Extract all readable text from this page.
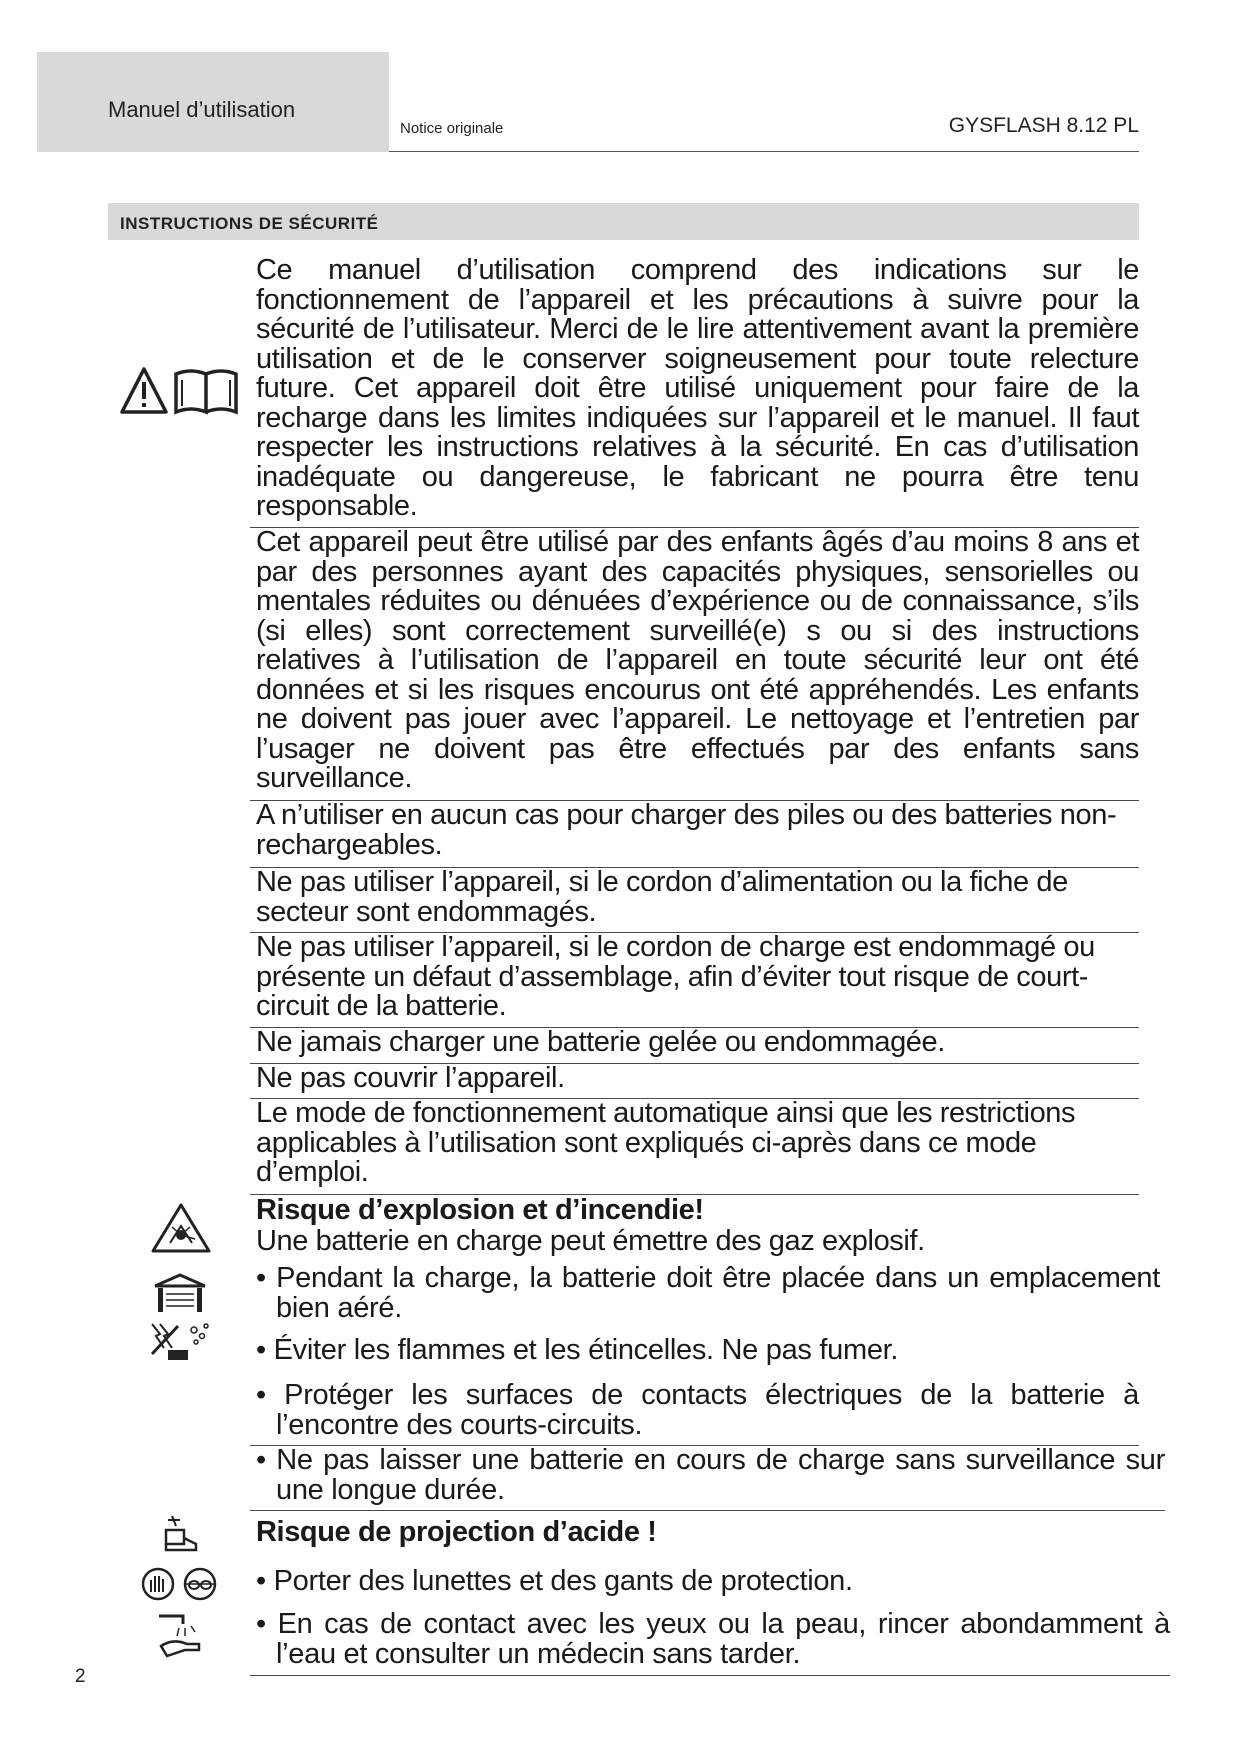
Manuel d’utilisation
Notice originale	GYSFLASH 8.12 PL
INSTRUCTIONS DE SÉCURITÉ

Ce manuel d’utilisation comprend des indications sur le fonctionnement de l’appareil et les précautions à suivre pour la sécurité de l’utilisateur. Merci de le lire attentivement avant la première utilisation et de le conserver soigneusement pour toute relecture future. Cet appareil doit être utilisé uniquement pour faire de la recharge dans les limites indiquées sur l’appareil et le manuel. Il faut respecter les instructions relatives à la sécurité. En cas d’utilisation inadéquate ou dangereuse, le fabricant ne pourra être tenu responsable.

Cet appareil peut être utilisé par des enfants âgés d’au moins 8 ans et par des personnes ayant des capacités physiques, sensorielles ou mentales réduites ou dénuées d’expérience ou de connaissance, s’ils (si elles) sont correctement surveillé(e) s ou si des instructions relatives à l’utilisation de l’appareil en toute sécurité leur ont été données et si les risques encourus ont été appréhendés. Les enfants ne doivent pas jouer avec l’appareil. Le nettoyage et l’entretien par l’usager ne doivent pas être effectués par des enfants sans surveillance.

A n’utiliser en aucun cas pour charger des piles ou des batteries non-rechargeables.

Ne pas utiliser l’appareil, si le cordon d’alimentation ou la fiche de secteur sont endommagés.

Ne pas utiliser l’appareil, si le cordon de charge est endommagé ou présente un défaut d’assemblage, afin d’éviter tout risque de court-circuit de la batterie.

Ne jamais charger une batterie gelée ou endommagée.

Ne pas couvrir l’appareil.

Le mode de fonctionnement automatique ainsi que les restrictions applicables à l’utilisation sont expliqués ci-après dans ce mode d’emploi.

Risque d’explosion et d’incendie!

Une batterie en charge peut émettre des gaz explosif.

• Pendant la charge, la batterie doit être placée dans un emplacement bien aéré.

• Éviter les flammes et les étincelles. Ne pas fumer.

• Protéger les surfaces de contacts électriques de la batterie à l’encontre des courts-circuits.

• Ne pas laisser une batterie en cours de charge sans surveillance sur une longue durée.

Risque de projection d’acide !

• Porter des lunettes et des gants de protection.

• En cas de contact avec les yeux ou la peau, rincer abondamment à l’eau et consulter un médecin sans tarder.

2
